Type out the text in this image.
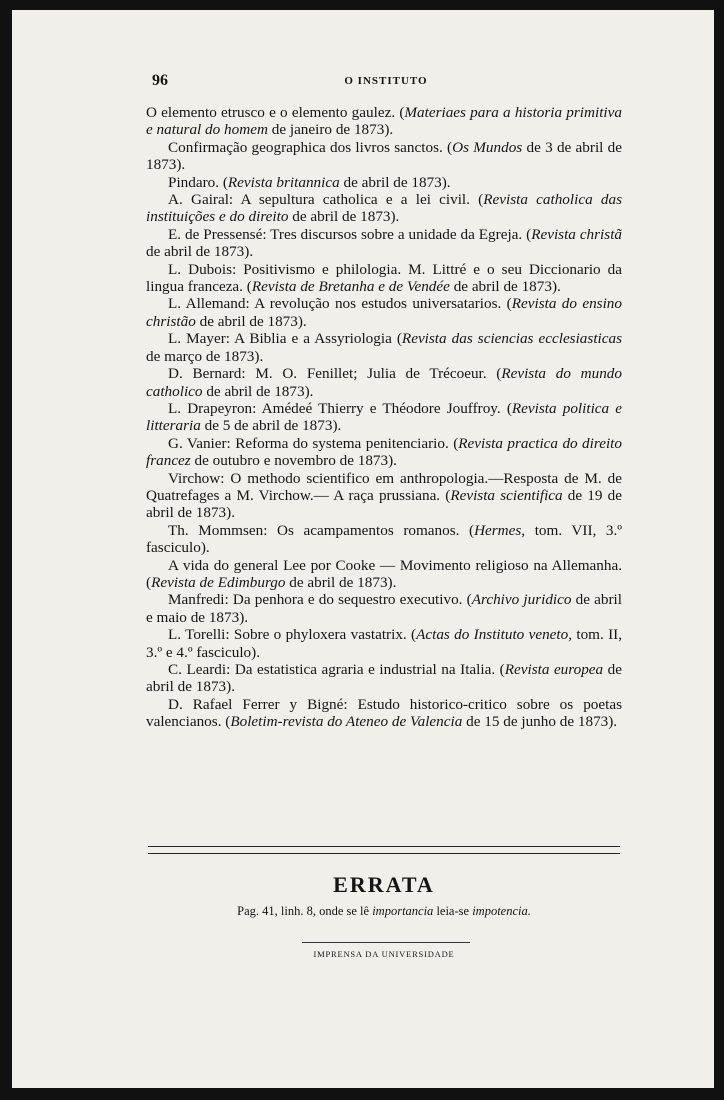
96	O INSTITUTO

O elemento etrusco e o elemento gaulez. (Materiaes para a historia primitiva e natural do homem de janeiro de 1873).

Confirmação geographica dos livros sanctos. (Os Mundos de 3 de abril de 1873).

Pindaro. (Revista britannica de abril de 1873).

A. Gairal: A sepultura catholica e a lei civil. (Revista catholica das instituições e do direito de abril de 1873).

E. de Pressensé: Tres discursos sobre a unidade da Egreja. (Revista christã de abril de 1873).

L. Dubois: Positivismo e philologia. M. Littré e o seu Diccionario da lingua franceza. (Revista de Bretanha e de Vendée de abril de 1873).

L. Allemand: A revolução nos estudos universatarios. (Revista do ensino christão de abril de 1873).

L. Mayer: A Biblia e a Assyriologia (Revista das sciencias ecclesiasticas de março de 1873).

D. Bernard: M. O. Fenillet; Julia de Trécoeur. (Revista do mundo catholico de abril de 1873).

L. Drapeyron: Amédeé Thierry e Théodore Jouffroy. (Revista politica e litteraria de 5 de abril de 1873).

G. Vanier: Reforma do systema penitenciario. (Revista practica do direito francez de outubro e novembro de 1873).

Virchow: O methodo scientifico em anthropologia.—Resposta de M. de Quatrefages a M. Virchow.— A raça prussiana. (Revista scientifica de 19 de abril de 1873).

Th. Mommsen: Os acampamentos romanos. (Hermes, tom. VII, 3.º fasciculo).

A vida do general Lee por Cooke — Movimento religioso na Allemanha. (Revista de Edimburgo de abril de 1873).

Manfredi: Da penhora e do sequestro executivo. (Archivo juridico de abril e maio de 1873).

L. Torelli: Sobre o phyloxera vastatrix. (Actas do Instituto veneto, tom. II, 3.º e 4.º fasciculo).

C. Leardi: Da estatistica agraria e industrial na Italia. (Revista europea de abril de 1873).

D. Rafael Ferrer y Bigné: Estudo historico-critico sobre os poetas valencianos. (Boletim-revista do Ateneo de Valencia de 15 de junho de 1873).

ERRATA
Pag. 41, linh. 8, onde se lê importancia leia-se impotencia.
IMPRENSA DA UNIVERSIDADE
